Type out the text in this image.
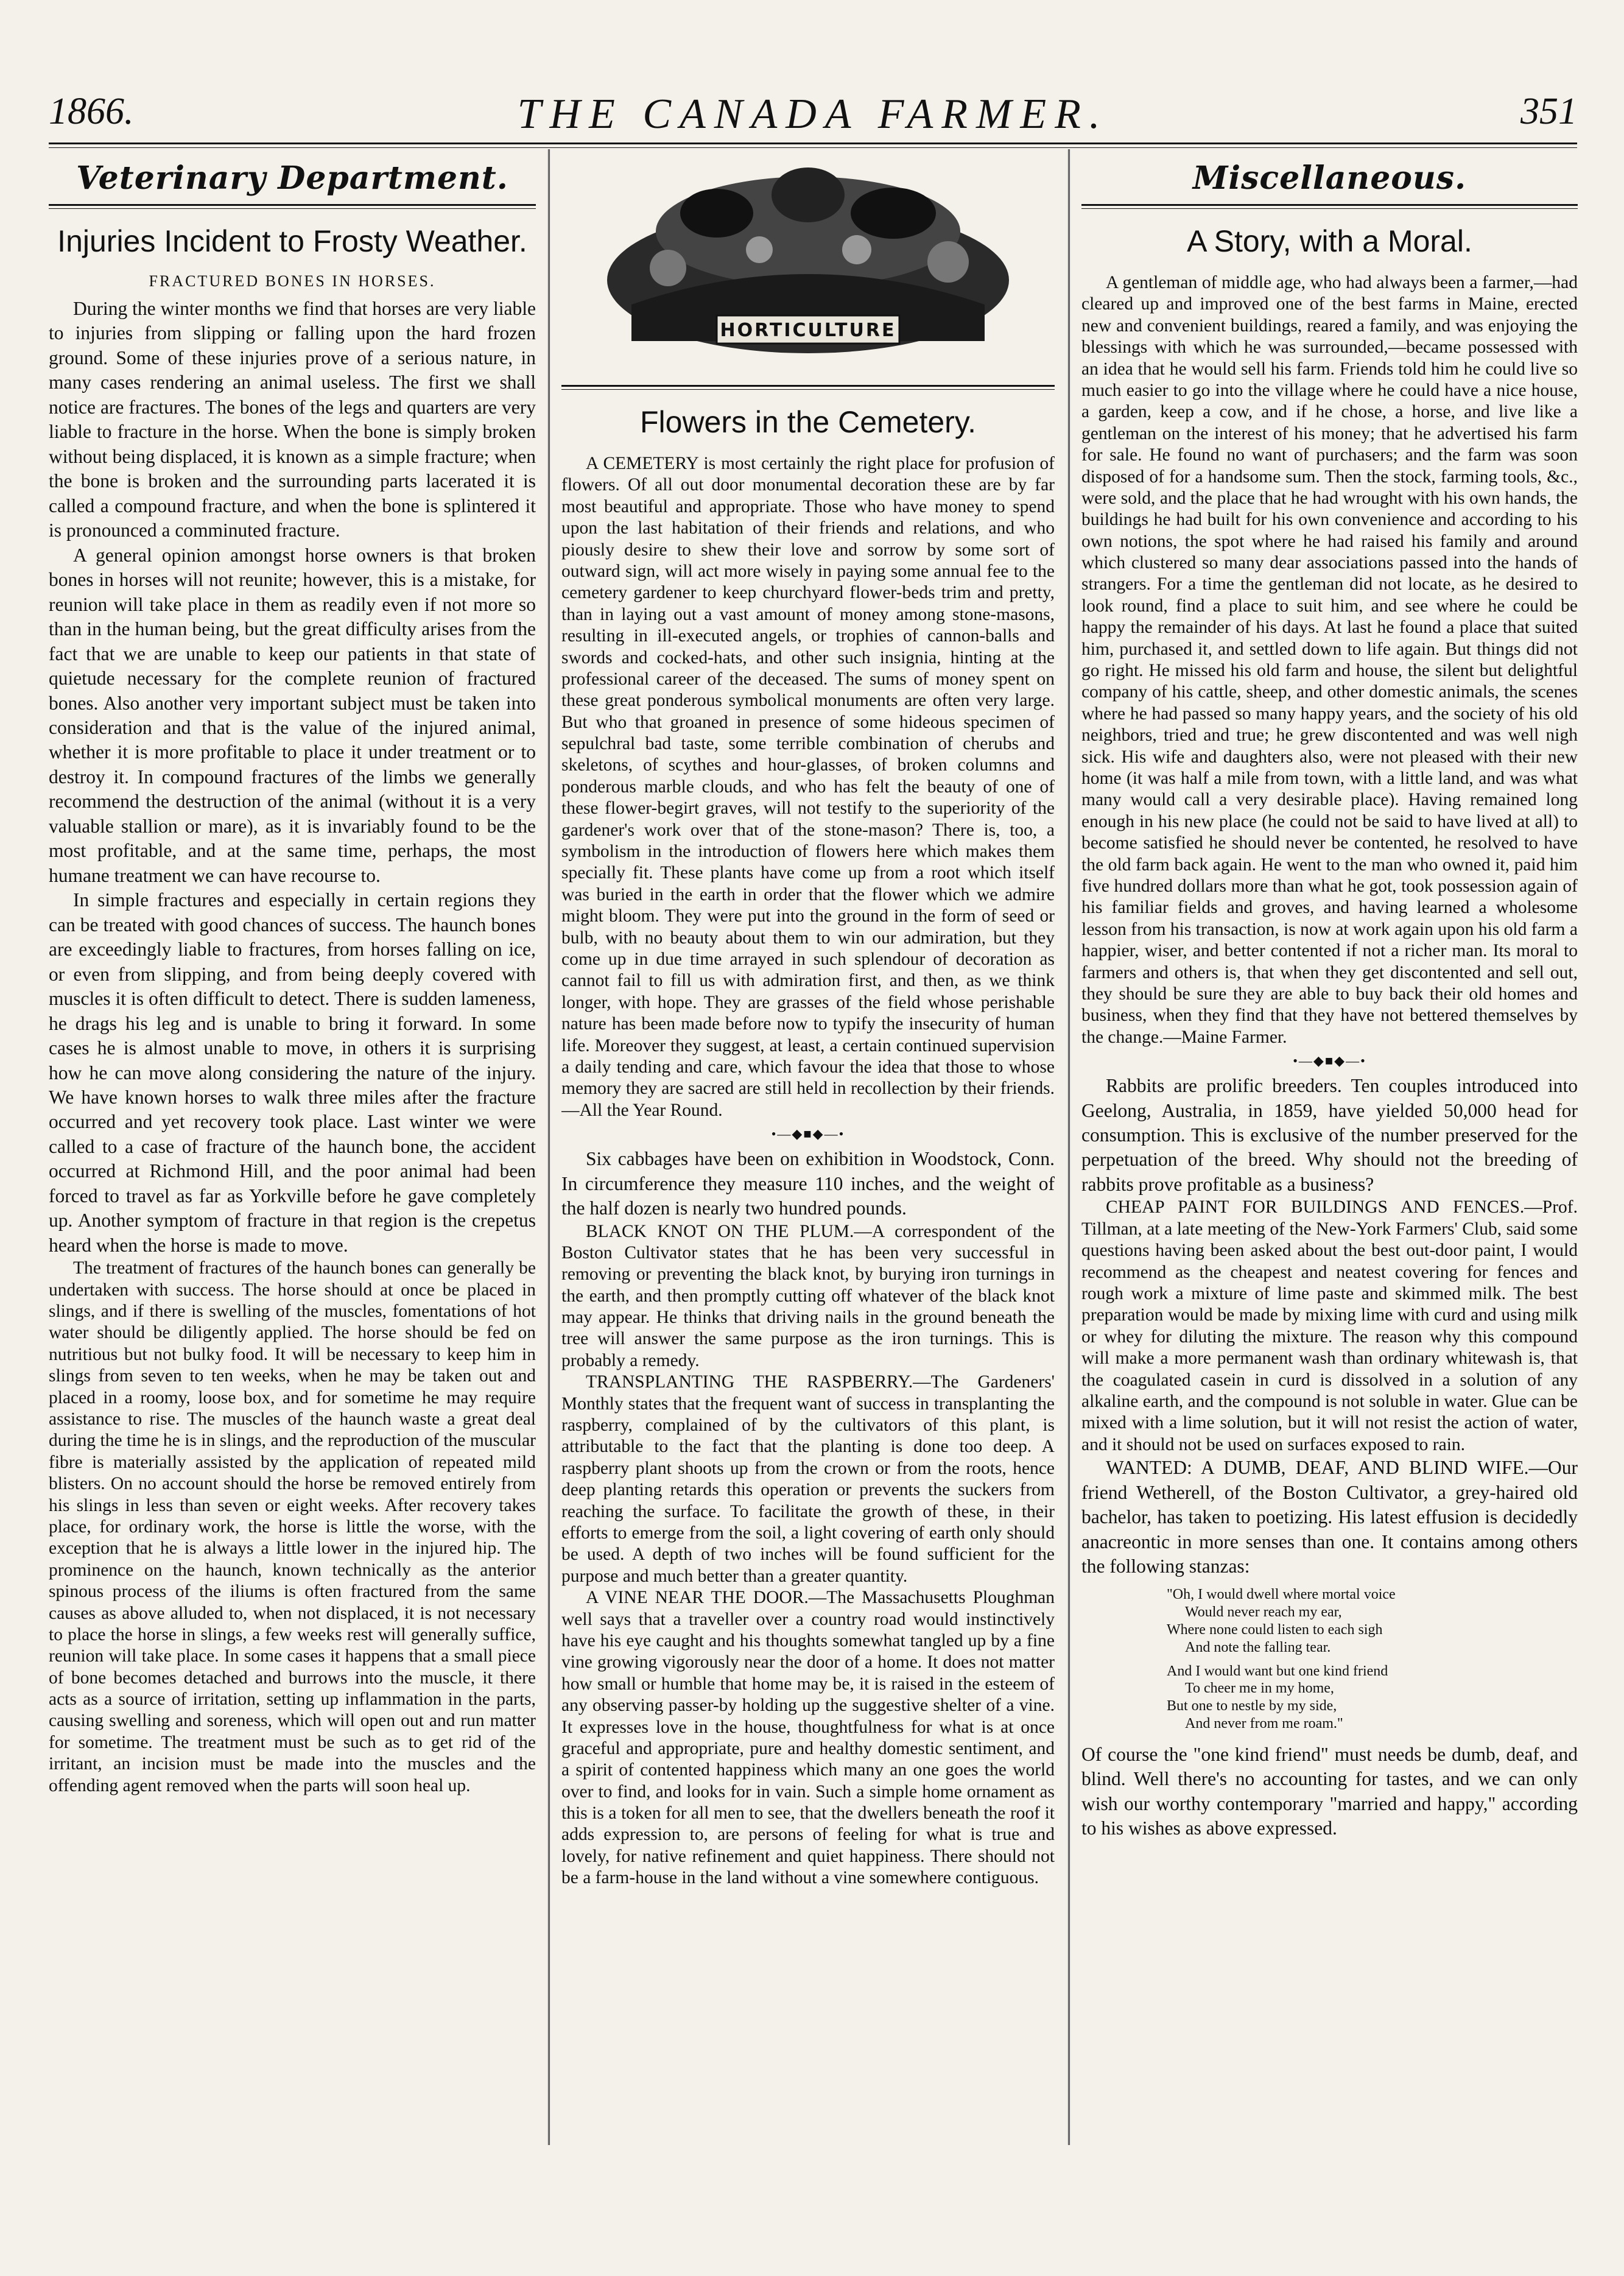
1866.	THE CANADA FARMER.	351
Veterinary Department.
Injuries Incident to Frosty Weather.
FRACTURED BONES IN HORSES.

During the winter months we find that horses are very liable to injuries from slipping or falling upon the hard frozen ground. Some of these injuries prove of a serious nature, in many cases rendering an animal useless. The first we shall notice are fractures. The bones of the legs and quarters are very liable to fracture in the horse. When the bone is simply broken without being displaced, it is known as a simple fracture; when the bone is broken and the surrounding parts lacerated it is called a compound fracture, and when the bone is splintered it is pronounced a comminuted fracture.

A general opinion amongst horse owners is that broken bones in horses will not reunite; however, this is a mistake, for reunion will take place in them as readily even if not more so than in the human being, but the great difficulty arises from the fact that we are unable to keep our patients in that state of quietude necessary for the complete reunion of fractured bones. Also another very important subject must be taken into consideration and that is the value of the injured animal, whether it is more profitable to place it under treatment or to destroy it. In compound fractures of the limbs we generally recommend the destruction of the animal (without it is a very valuable stallion or mare), as it is invariably found to be the most profitable, and at the same time, perhaps, the most humane treatment we can have recourse to.

In simple fractures and especially in certain regions they can be treated with good chances of success. The haunch bones are exceedingly liable to fractures, from horses falling on ice, or even from slipping, and from being deeply covered with muscles it is often difficult to detect. There is sudden lameness, he drags his leg and is unable to bring it forward. In some cases he is almost unable to move, in others it is surprising how he can move along considering the nature of the injury. We have known horses to walk three miles after the fracture occurred and yet recovery took place. Last winter we were called to a case of fracture of the haunch bone, the accident occurred at Richmond Hill, and the poor animal had been forced to travel as far as Yorkville before he gave completely up. Another symptom of fracture in that region is the crepetus heard when the horse is made to move.

The treatment of fractures of the haunch bones can generally be undertaken with success. The horse should at once be placed in slings, and if there is swelling of the muscles, fomentations of hot water should be diligently applied. The horse should be fed on nutritious but not bulky food. It will be necessary to keep him in slings from seven to ten weeks, when he may be taken out and placed in a roomy, loose box, and for sometime he may require assistance to rise. The muscles of the haunch waste a great deal during the time he is in slings, and the reproduction of the muscular fibre is materially assisted by the application of repeated mild blisters. On no account should the horse be removed entirely from his slings in less than seven or eight weeks. After recovery takes place, for ordinary work, the horse is little the worse, with the exception that he is always a little lower in the injured hip. The prominence on the haunch, known technically as the anterior spinous process of the iliums is often fractured from the same causes as above alluded to, when not displaced, it is not necessary to place the horse in slings, a few weeks rest will generally suffice, reunion will take place. In some cases it happens that a small piece of bone becomes detached and burrows into the muscle, it there acts as a source of irritation, setting up inflammation in the parts, causing swelling and soreness, which will open out and run matter for sometime. The treatment must be such as to get rid of the irritant, an incision must be made into the muscles and the offending agent removed when the parts will soon heal up.

HORTICULTURE
Flowers in the Cemetery.

A CEMETERY is most certainly the right place for profusion of flowers. Of all out door monumental decoration these are by far most beautiful and appropriate. Those who have money to spend upon the last habitation of their friends and relations, and who piously desire to shew their love and sorrow by some sort of outward sign, will act more wisely in paying some annual fee to the cemetery gardener to keep churchyard flower-beds trim and pretty, than in laying out a vast amount of money among stone-masons, resulting in ill-executed angels, or trophies of cannon-balls and swords and cocked-hats, and other such insignia, hinting at the professional career of the deceased. The sums of money spent on these great ponderous symbolical monuments are often very large. But who that groaned in presence of some hideous specimen of sepulchral bad taste, some terrible combination of cherubs and skeletons, of scythes and hour-glasses, of broken columns and ponderous marble clouds, and who has felt the beauty of one of these flower-begirt graves, will not testify to the superiority of the gardener's work over that of the stone-mason? There is, too, a symbolism in the introduction of flowers here which makes them specially fit. These plants have come up from a root which itself was buried in the earth in order that the flower which we admire might bloom. They were put into the ground in the form of seed or bulb, with no beauty about them to win our admiration, but they come up in due time arrayed in such splendour of decoration as cannot fail to fill us with admiration first, and then, as we think longer, with hope. They are grasses of the field whose perishable nature has been made before now to typify the insecurity of human life. Moreover they suggest, at least, a certain continued supervision a daily tending and care, which favour the idea that those to whose memory they are sacred are still held in recollection by their friends.—All the Year Round.

•—◆■◆—•

Six cabbages have been on exhibition in Woodstock, Conn. In circumference they measure 110 inches, and the weight of the half dozen is nearly two hundred pounds.

BLACK KNOT ON THE PLUM.—A correspondent of the Boston Cultivator states that he has been very successful in removing or preventing the black knot, by burying iron turnings in the earth, and then promptly cutting off whatever of the black knot may appear. He thinks that driving nails in the ground beneath the tree will answer the same purpose as the iron turnings. This is probably a remedy.

TRANSPLANTING THE RASPBERRY.—The Gardeners' Monthly states that the frequent want of success in transplanting the raspberry, complained of by the cultivators of this plant, is attributable to the fact that the planting is done too deep. A raspberry plant shoots up from the crown or from the roots, hence deep planting retards this operation or prevents the suckers from reaching the surface. To facilitate the growth of these, in their efforts to emerge from the soil, a light covering of earth only should be used. A depth of two inches will be found sufficient for the purpose and much better than a greater quantity.

A VINE NEAR THE DOOR.—The Massachusetts Ploughman well says that a traveller over a country road would instinctively have his eye caught and his thoughts somewhat tangled up by a fine vine growing vigorously near the door of a home. It does not matter how small or humble that home may be, it is raised in the esteem of any observing passer-by holding up the suggestive shelter of a vine. It expresses love in the house, thoughtfulness for what is at once graceful and appropriate, pure and healthy domestic sentiment, and a spirit of contented happiness which many an one goes the world over to find, and looks for in vain. Such a simple home ornament as this is a token for all men to see, that the dwellers beneath the roof it adds expression to, are persons of feeling for what is true and lovely, for native refinement and quiet happiness. There should not be a farm-house in the land without a vine somewhere contiguous.

Miscellaneous.
A Story, with a Moral.

A gentleman of middle age, who had always been a farmer,—had cleared up and improved one of the best farms in Maine, erected new and convenient buildings, reared a family, and was enjoying the blessings with which he was surrounded,—became possessed with an idea that he would sell his farm. Friends told him he could live so much easier to go into the village where he could have a nice house, a garden, keep a cow, and if he chose, a horse, and live like a gentleman on the interest of his money; that he advertised his farm for sale. He found no want of purchasers; and the farm was soon disposed of for a handsome sum. Then the stock, farming tools, &c., were sold, and the place that he had wrought with his own hands, the buildings he had built for his own convenience and according to his own notions, the spot where he had raised his family and around which clustered so many dear associations passed into the hands of strangers. For a time the gentleman did not locate, as he desired to look round, find a place to suit him, and see where he could be happy the remainder of his days. At last he found a place that suited him, purchased it, and settled down to life again. But things did not go right. He missed his old farm and house, the silent but delightful company of his cattle, sheep, and other domestic animals, the scenes where he had passed so many happy years, and the society of his old neighbors, tried and true; he grew discontented and was well nigh sick. His wife and daughters also, were not pleased with their new home (it was half a mile from town, with a little land, and was what many would call a very desirable place). Having remained long enough in his new place (he could not be said to have lived at all) to become satisfied he should never be contented, he resolved to have the old farm back again. He went to the man who owned it, paid him five hundred dollars more than what he got, took possession again of his familiar fields and groves, and having learned a wholesome lesson from his transaction, is now at work again upon his old farm a happier, wiser, and better contented if not a richer man. Its moral to farmers and others is, that when they get discontented and sell out, they should be sure they are able to buy back their old homes and business, when they find that they have not bettered themselves by the change.—Maine Farmer.

•—◆■◆—•

Rabbits are prolific breeders. Ten couples introduced into Geelong, Australia, in 1859, have yielded 50,000 head for consumption. This is exclusive of the number preserved for the perpetuation of the breed. Why should not the breeding of rabbits prove profitable as a business?

CHEAP PAINT FOR BUILDINGS AND FENCES.—Prof. Tillman, at a late meeting of the New-York Farmers' Club, said some questions having been asked about the best out-door paint, I would recommend as the cheapest and neatest covering for fences and rough work a mixture of lime paste and skimmed milk. The best preparation would be made by mixing lime with curd and using milk or whey for diluting the mixture. The reason why this compound will make a more permanent wash than ordinary whitewash is, that the coagulated casein in curd is dissolved in a solution of any alkaline earth, and the compound is not soluble in water. Glue can be mixed with a lime solution, but it will not resist the action of water, and it should not be used on surfaces exposed to rain.

WANTED: A DUMB, DEAF, AND BLIND WIFE.—Our friend Wetherell, of the Boston Cultivator, a grey-haired old bachelor, has taken to poetizing. His latest effusion is decidedly anacreontic in more senses than one. It contains among others the following stanzas:

"Oh, I would dwell where mortal voice
Would never reach my ear,
Where none could listen to each sigh
And note the falling tear.
And I would want but one kind friend
To cheer me in my home,
But one to nestle by my side,
And never from me roam."

Of course the "one kind friend" must needs be dumb, deaf, and blind. Well there's no accounting for tastes, and we can only wish our worthy contemporary "married and happy," according to his wishes as above expressed.
